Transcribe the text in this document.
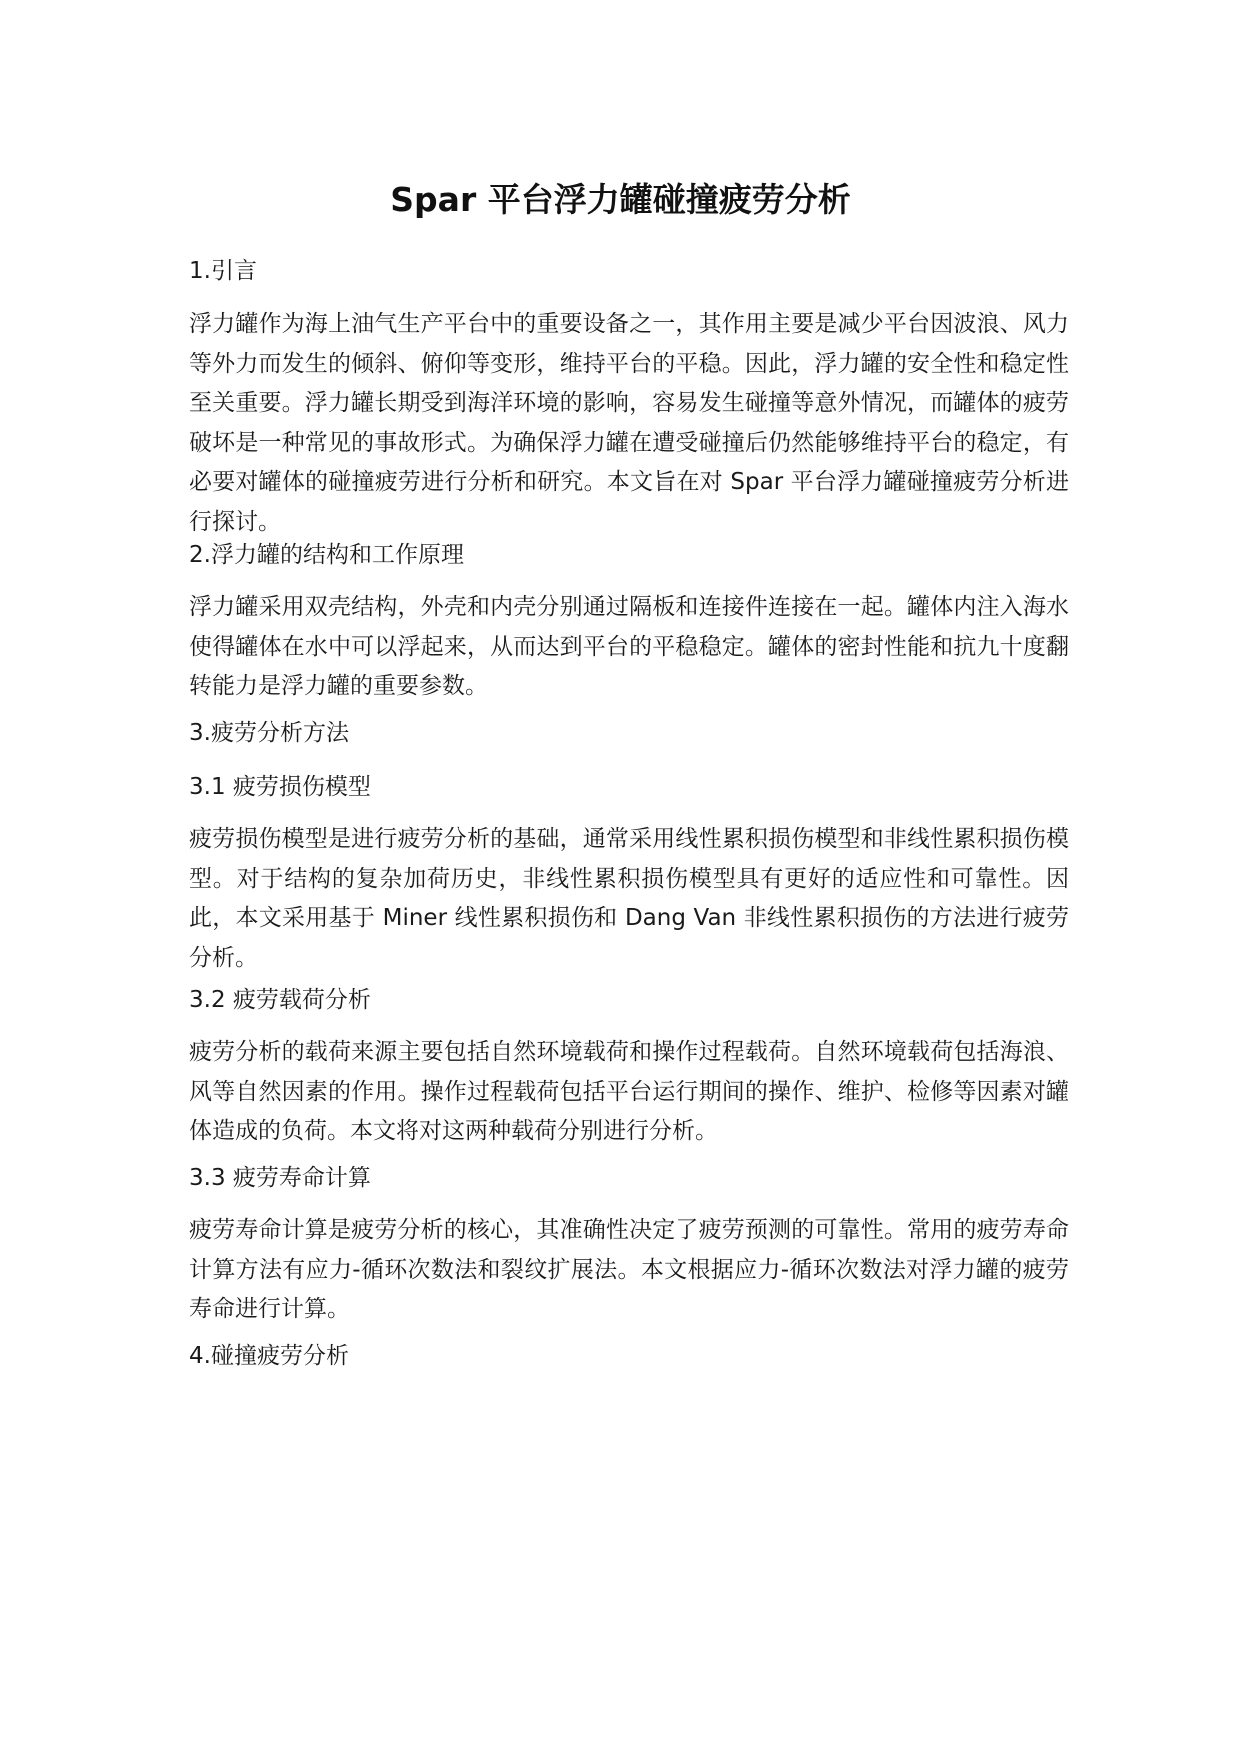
Spar 平台浮力罐碰撞疲劳分析

1.引言

浮力罐作为海上油气生产平台中的重要设备之一，其作用主要是减少平台因波浪、风力等外力而发生的倾斜、俯仰等变形，维持平台的平稳。因此，浮力罐的安全性和稳定性至关重要。浮力罐长期受到海洋环境的影响，容易发生碰撞等意外情况，而罐体的疲劳破坏是一种常见的事故形式。为确保浮力罐在遭受碰撞后仍然能够维持平台的稳定，有必要对罐体的碰撞疲劳进行分析和研究。本文旨在对 Spar 平台浮力罐碰撞疲劳分析进行探讨。

2.浮力罐的结构和工作原理

浮力罐采用双壳结构，外壳和内壳分别通过隔板和连接件连接在一起。罐体内注入海水使得罐体在水中可以浮起来，从而达到平台的平稳稳定。罐体的密封性能和抗九十度翻转能力是浮力罐的重要参数。

3.疲劳分析方法

3.1 疲劳损伤模型

疲劳损伤模型是进行疲劳分析的基础，通常采用线性累积损伤模型和非线性累积损伤模型。对于结构的复杂加荷历史，非线性累积损伤模型具有更好的适应性和可靠性。因此，本文采用基于 Miner 线性累积损伤和 Dang Van 非线性累积损伤的方法进行疲劳分析。

3.2 疲劳载荷分析

疲劳分析的载荷来源主要包括自然环境载荷和操作过程载荷。自然环境载荷包括海浪、风等自然因素的作用。操作过程载荷包括平台运行期间的操作、维护、检修等因素对罐体造成的负荷。本文将对这两种载荷分别进行分析。

3.3 疲劳寿命计算

疲劳寿命计算是疲劳分析的核心，其准确性决定了疲劳预测的可靠性。常用的疲劳寿命计算方法有应力-循环次数法和裂纹扩展法。本文根据应力-循环次数法对浮力罐的疲劳寿命进行计算。

4.碰撞疲劳分析
